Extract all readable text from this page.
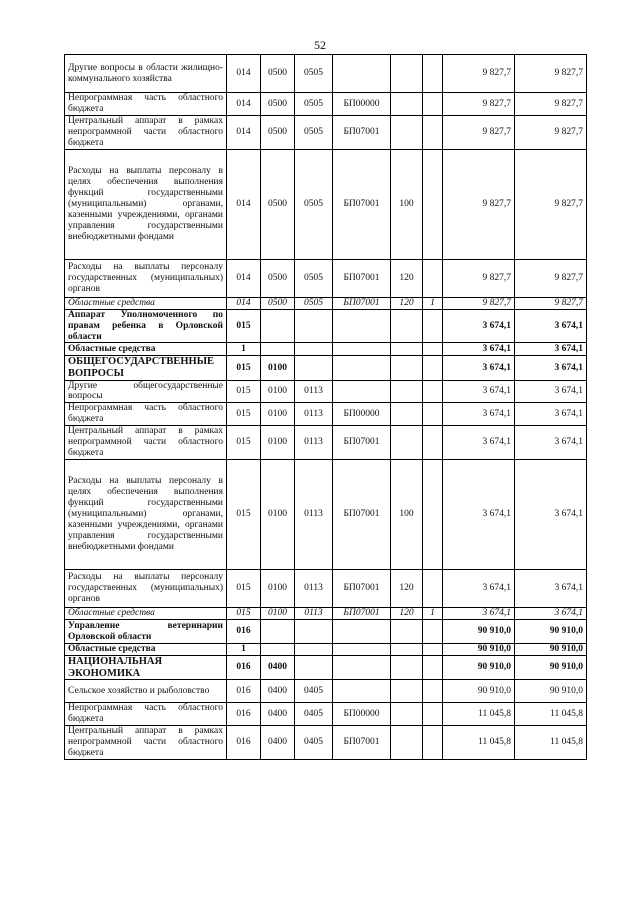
52
Другие вопросы в области жилищно-коммунального хозяйства	014	0500	0505				9 827,7	9 827,7
Непрограммная часть областного бюджета	014	0500	0505	БП00000			9 827,7	9 827,7
Центральный аппарат в рамках непрограммной части областного бюджета	014	0500	0505	БП07001			9 827,7	9 827,7
Расходы на выплаты персоналу в целях обеспечения выполнения функций государственными (муниципальными) органами, казенными учреждениями, органами управления государственными внебюджетными фондами	014	0500	0505	БП07001	100		9 827,7	9 827,7
Расходы на выплаты персоналу государственных (муниципальных) органов	014	0500	0505	БП07001	120		9 827,7	9 827,7
Областные средства	014	0500	0505	БП07001	120	1	9 827,7	9 827,7
Аппарат Уполномоченного по правам ребенка в Орловской области	015						3 674,1	3 674,1
Областные средства	1						3 674,1	3 674,1
ОБЩЕГОСУДАРСТВЕННЫЕ ВОПРОСЫ	015	0100					3 674,1	3 674,1
Другие общегосударственные вопросы	015	0100	0113				3 674,1	3 674,1
Непрограммная часть областного бюджета	015	0100	0113	БП00000			3 674,1	3 674,1
Центральный аппарат в рамках непрограммной части областного бюджета	015	0100	0113	БП07001			3 674,1	3 674,1
Расходы на выплаты персоналу в целях обеспечения выполнения функций государственными (муниципальными) органами, казенными учреждениями, органами управления государственными внебюджетными фондами	015	0100	0113	БП07001	100		3 674,1	3 674,1
Расходы на выплаты персоналу государственных (муниципальных) органов	015	0100	0113	БП07001	120		3 674,1	3 674,1
Областные средства	015	0100	0113	БП07001	120	1	3 674,1	3 674,1
Управление ветеринарии Орловской области	016						90 910,0	90 910,0
Областные средства	1						90 910,0	90 910,0
НАЦИОНАЛЬНАЯ ЭКОНОМИКА	016	0400					90 910,0	90 910,0
Сельское хозяйство и рыболовство	016	0400	0405				90 910,0	90 910,0
Непрограммная часть областного бюджета	016	0400	0405	БП00000			11 045,8	11 045,8
Центральный аппарат в рамках непрограммной части областного бюджета	016	0400	0405	БП07001			11 045,8	11 045,8
